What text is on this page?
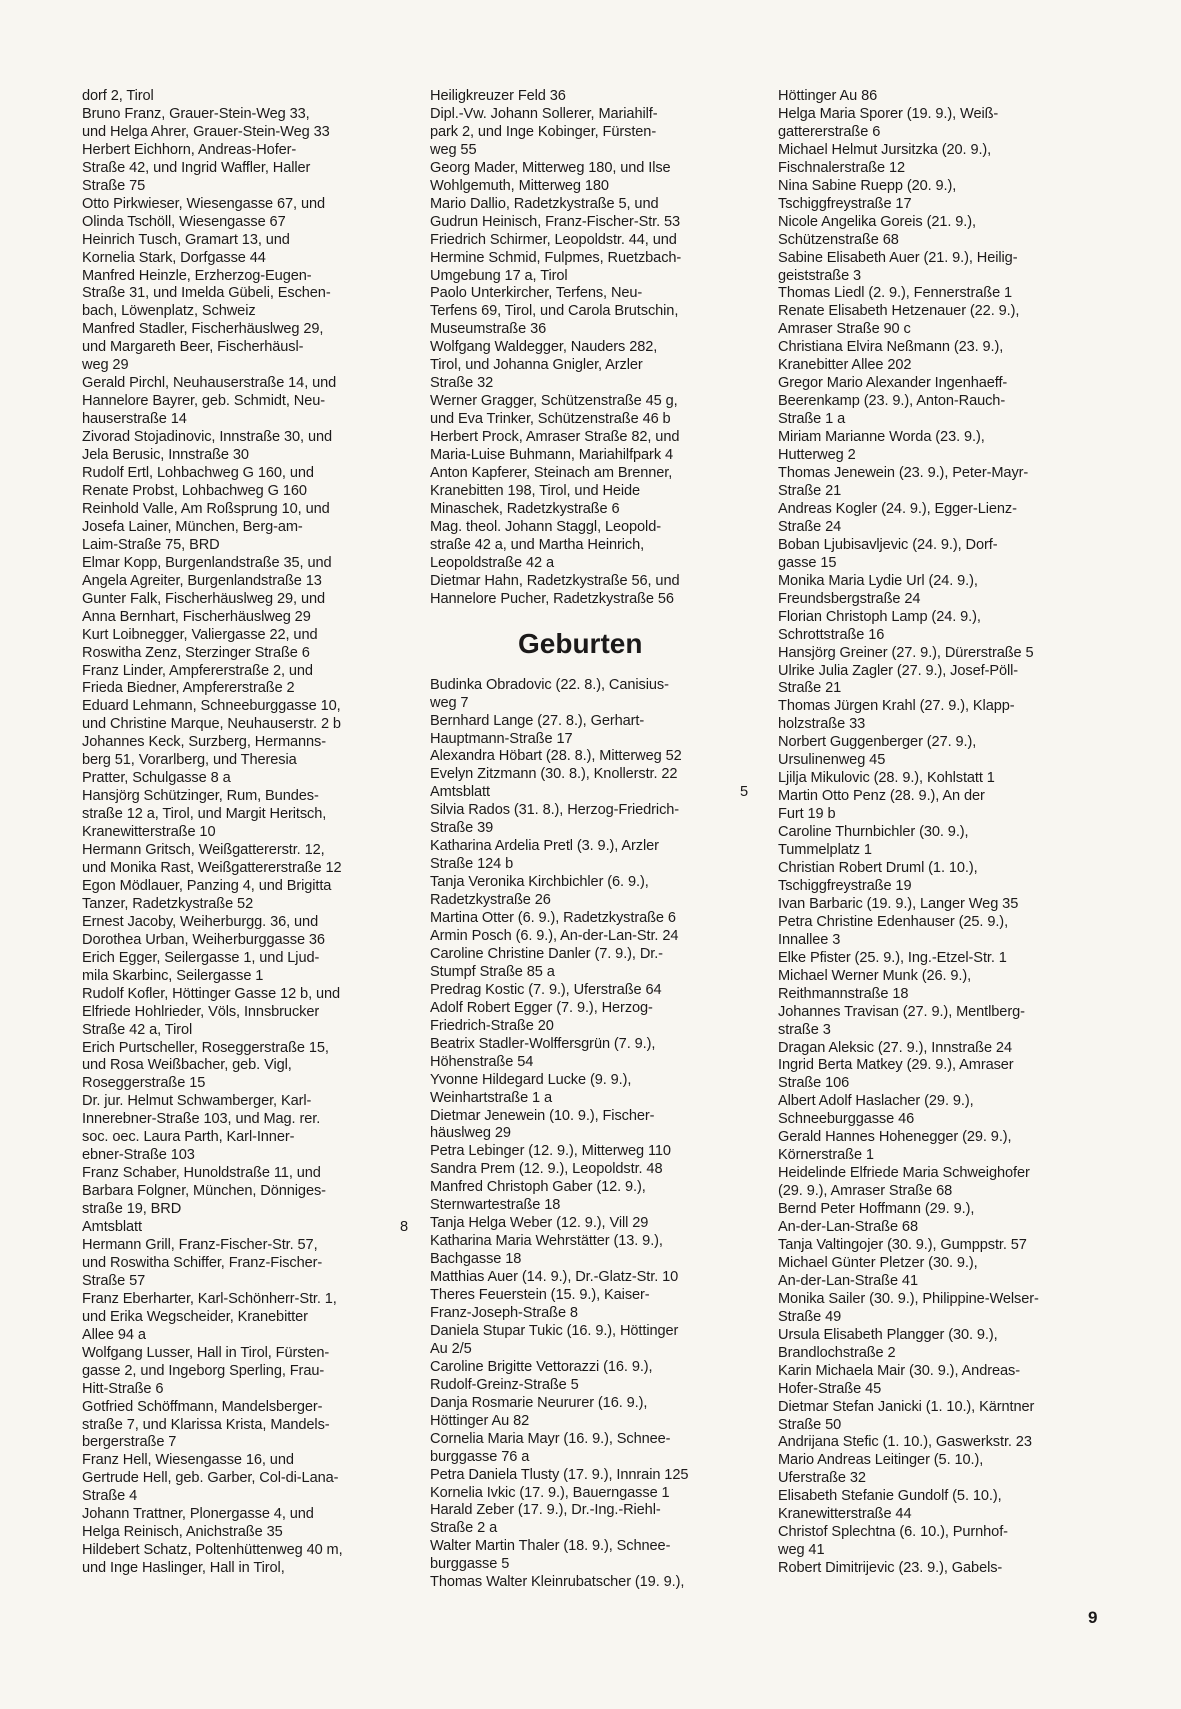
dorf 2, Tirol
Bruno Franz, Grauer-Stein-Weg 33,
und Helga Ahrer, Grauer-Stein-Weg 33
Herbert Eichhorn, Andreas-Hofer-
Straße 42, und Ingrid Waffler, Haller
Straße 75
Otto Pirkwieser, Wiesengasse 67, und
Olinda Tschöll, Wiesengasse 67
Heinrich Tusch, Gramart 13, und
Kornelia Stark, Dorfgasse 44
Manfred Heinzle, Erzherzog-Eugen-
Straße 31, und Imelda Gübeli, Eschen-
bach, Löwenplatz, Schweiz
Manfred Stadler, Fischerhäuslweg 29,
und Margareth Beer, Fischerhäusl-
weg 29
Gerald Pirchl, Neuhauserstraße 14, und
Hannelore Bayrer, geb. Schmidt, Neu-
hauserstraße 14
Zivorad Stojadinovic, Innstraße 30, und
Jela Berusic, Innstraße 30
Rudolf Ertl, Lohbachweg G 160, und
Renate Probst, Lohbachweg G 160
Reinhold Valle, Am Roßsprung 10, und
Josefa Lainer, München, Berg-am-
Laim-Straße 75, BRD
Elmar Kopp, Burgenlandstraße 35, und
Angela Agreiter, Burgenlandstraße 13
Gunter Falk, Fischerhäuslweg 29, und
Anna Bernhart, Fischerhäuslweg 29
Kurt Loibnegger, Valiergasse 22, und
Roswitha Zenz, Sterzinger Straße 6
Franz Linder, Ampfererstraße 2, und
Frieda Biedner, Ampfererstraße 2
Eduard Lehmann, Schneeburggasse 10,
und Christine Marque, Neuhauserstr. 2 b
Johannes Keck, Surzberg, Hermanns-
berg 51, Vorarlberg, und Theresia
Pratter, Schulgasse 8 a
Hansjörg Schützinger, Rum, Bundes-
straße 12 a, Tirol, und Margit Heritsch,
Kranewitterstraße 10
Hermann Gritsch, Weißgattererstr. 12,
und Monika Rast, Weißgattererstraße 12
Egon Mödlauer, Panzing 4, und Brigitta
Tanzer, Radetzkystraße 52
Ernest Jacoby, Weiherburgg. 36, und
Dorothea Urban, Weiherburggasse 36
Erich Egger, Seilergasse 1, und Ljud-
mila Skarbinc, Seilergasse 1
Rudolf Kofler, Höttinger Gasse 12 b, und
Elfriede Hohlrieder, Völs, Innsbrucker
Straße 42 a, Tirol
Erich Purtscheller, Roseggerstraße 15,
und Rosa Weißbacher, geb. Vigl,
Roseggerstraße 15
Dr. jur. Helmut Schwamberger, Karl-
Innerebner-Straße 103, und Mag. rer.
soc. oec. Laura Parth, Karl-Inner-
ebner-Straße 103
Franz Schaber, Hunoldstraße 11, und
Barbara Folgner, München, Dönniges-
straße 19, BRD

Amtsblatt	8

Hermann Grill, Franz-Fischer-Str. 57,
und Roswitha Schiffer, Franz-Fischer-
Straße 57
Franz Eberharter, Karl-Schönherr-Str. 1,
und Erika Wegscheider, Kranebitter
Allee 94 a
Wolfgang Lusser, Hall in Tirol, Fürsten-
gasse 2, und Ingeborg Sperling, Frau-
Hitt-Straße 6
Gotfried Schöffmann, Mandelsberger-
straße 7, und Klarissa Krista, Mandels-
bergerstraße 7
Franz Hell, Wiesengasse 16, und
Gertrude Hell, geb. Garber, Col-di-Lana-
Straße 4
Johann Trattner, Plonergasse 4, und
Helga Reinisch, Anichstraße 35
Hildebert Schatz, Poltenhüttenweg 40 m,
und Inge Haslinger, Hall in Tirol,

Heiligkreuzer Feld 36
Dipl.-Vw. Johann Sollerer, Mariahilf-
park 2, und Inge Kobinger, Fürsten-
weg 55
Georg Mader, Mitterweg 180, und Ilse
Wohlgemuth, Mitterweg 180
Mario Dallio, Radetzkystraße 5, und
Gudrun Heinisch, Franz-Fischer-Str. 53
Friedrich Schirmer, Leopoldstr. 44, und
Hermine Schmid, Fulpmes, Ruetzbach-
Umgebung 17 a, Tirol
Paolo Unterkircher, Terfens, Neu-
Terfens 69, Tirol, und Carola Brutschin,
Museumstraße 36
Wolfgang Waldegger, Nauders 282,
Tirol, und Johanna Gnigler, Arzler
Straße 32
Werner Gragger, Schützenstraße 45 g,
und Eva Trinker, Schützenstraße 46 b
Herbert Prock, Amraser Straße 82, und
Maria-Luise Buhmann, Mariahilfpark 4
Anton Kapferer, Steinach am Brenner,
Kranebitten 198, Tirol, und Heide
Minaschek, Radetzkystraße 6
Mag. theol. Johann Staggl, Leopold-
straße 42 a, und Martha Heinrich,
Leopoldstraße 42 a
Dietmar Hahn, Radetzkystraße 56, und
Hannelore Pucher, Radetzkystraße 56

Geburten

Budinka Obradovic (22. 8.), Canisius-
weg 7
Bernhard Lange (27. 8.), Gerhart-
Hauptmann-Straße 17
Alexandra Höbart (28. 8.), Mitterweg 52
Evelyn Zitzmann (30. 8.), Knollerstr. 22

Amtsblatt	5

Silvia Rados (31. 8.), Herzog-Friedrich-
Straße 39
Katharina Ardelia Pretl (3. 9.), Arzler
Straße 124 b
Tanja Veronika Kirchbichler (6. 9.),
Radetzkystraße 26
Martina Otter (6. 9.), Radetzkystraße 6
Armin Posch (6. 9.), An-der-Lan-Str. 24
Caroline Christine Danler (7. 9.), Dr.-
Stumpf Straße 85 a
Predrag Kostic (7. 9.), Uferstraße 64
Adolf Robert Egger (7. 9.), Herzog-
Friedrich-Straße 20
Beatrix Stadler-Wolffersgrün (7. 9.),
Höhenstraße 54
Yvonne Hildegard Lucke (9. 9.),
Weinhartstraße 1 a
Dietmar Jenewein (10. 9.), Fischer-
häuslweg 29
Petra Lebinger (12. 9.), Mitterweg 110
Sandra Prem (12. 9.), Leopoldstr. 48
Manfred Christoph Gaber (12. 9.),
Sternwartestraße 18
Tanja Helga Weber (12. 9.), Vill 29
Katharina Maria Wehrstätter (13. 9.),
Bachgasse 18
Matthias Auer (14. 9.), Dr.-Glatz-Str. 10
Theres Feuerstein (15. 9.), Kaiser-
Franz-Joseph-Straße 8
Daniela Stupar Tukic (16. 9.), Höttinger
Au 2/5
Caroline Brigitte Vettorazzi (16. 9.),
Rudolf-Greinz-Straße 5
Danja Rosmarie Neururer (16. 9.),
Höttinger Au 82
Cornelia Maria Mayr (16. 9.), Schnee-
burggasse 76 a
Petra Daniela Tlusty (17. 9.), Innrain 125
Kornelia Ivkic (17. 9.), Bauerngasse 1
Harald Zeber (17. 9.), Dr.-Ing.-Riehl-
Straße 2 a
Walter Martin Thaler (18. 9.), Schnee-
burggasse 5
Thomas Walter Kleinrubatscher (19. 9.),

Höttinger Au 86
Helga Maria Sporer (19. 9.), Weiß-
gattererstraße 6
Michael Helmut Jursitzka (20. 9.),
Fischnalerstraße 12
Nina Sabine Ruepp (20. 9.),
Tschiggfreystraße 17
Nicole Angelika Goreis (21. 9.),
Schützenstraße 68
Sabine Elisabeth Auer (21. 9.), Heilig-
geiststraße 3
Thomas Liedl (2. 9.), Fennerstraße 1
Renate Elisabeth Hetzenauer (22. 9.),
Amraser Straße 90 c
Christiana Elvira Neßmann (23. 9.),
Kranebitter Allee 202
Gregor Mario Alexander Ingenhaeff-
Beerenkamp (23. 9.), Anton-Rauch-
Straße 1 a
Miriam Marianne Worda (23. 9.),
Hutterweg 2
Thomas Jenewein (23. 9.), Peter-Mayr-
Straße 21
Andreas Kogler (24. 9.), Egger-Lienz-
Straße 24
Boban Ljubisavljevic (24. 9.), Dorf-
gasse 15
Monika Maria Lydie Url (24. 9.),
Freundsbergstraße 24
Florian Christoph Lamp (24. 9.),
Schrottstraße 16
Hansjörg Greiner (27. 9.), Dürerstraße 5
Ulrike Julia Zagler (27. 9.), Josef-Pöll-
Straße 21
Thomas Jürgen Krahl (27. 9.), Klapp-
holzstraße 33
Norbert Guggenberger (27. 9.),
Ursulinenweg 45
Ljilja Mikulovic (28. 9.), Kohlstatt 1
Martin Otto Penz (28. 9.), An der
Furt 19 b
Caroline Thurnbichler (30. 9.),
Tummelplatz 1
Christian Robert Druml (1. 10.),
Tschiggfreystraße 19
Ivan Barbaric (19. 9.), Langer Weg 35
Petra Christine Edenhauser (25. 9.),
Innallee 3
Elke Pfister (25. 9.), Ing.-Etzel-Str. 1
Michael Werner Munk (26. 9.),
Reithmannstraße 18
Johannes Travisan (27. 9.), Mentlberg-
straße 3
Dragan Aleksic (27. 9.), Innstraße 24
Ingrid Berta Matkey (29. 9.), Amraser
Straße 106
Albert Adolf Haslacher (29. 9.),
Schneeburggasse 46
Gerald Hannes Hohenegger (29. 9.),
Körnerstraße 1
Heidelinde Elfriede Maria Schweighofer
(29. 9.), Amraser Straße 68
Bernd Peter Hoffmann (29. 9.),
An-der-Lan-Straße 68
Tanja Valtingojer (30. 9.), Gumppstr. 57
Michael Günter Pletzer (30. 9.),
An-der-Lan-Straße 41
Monika Sailer (30. 9.), Philippine-Welser-
Straße 49
Ursula Elisabeth Plangger (30. 9.),
Brandlochstraße 2
Karin Michaela Mair (30. 9.), Andreas-
Hofer-Straße 45
Dietmar Stefan Janicki (1. 10.), Kärntner
Straße 50
Andrijana Stefic (1. 10.), Gaswerkstr. 23
Mario Andreas Leitinger (5. 10.),
Uferstraße 32
Elisabeth Stefanie Gundolf (5. 10.),
Kranewitterstraße 44
Christof Splechtna (6. 10.), Purnhof-
weg 41
Robert Dimitrijevic (23. 9.), Gabels-

9
